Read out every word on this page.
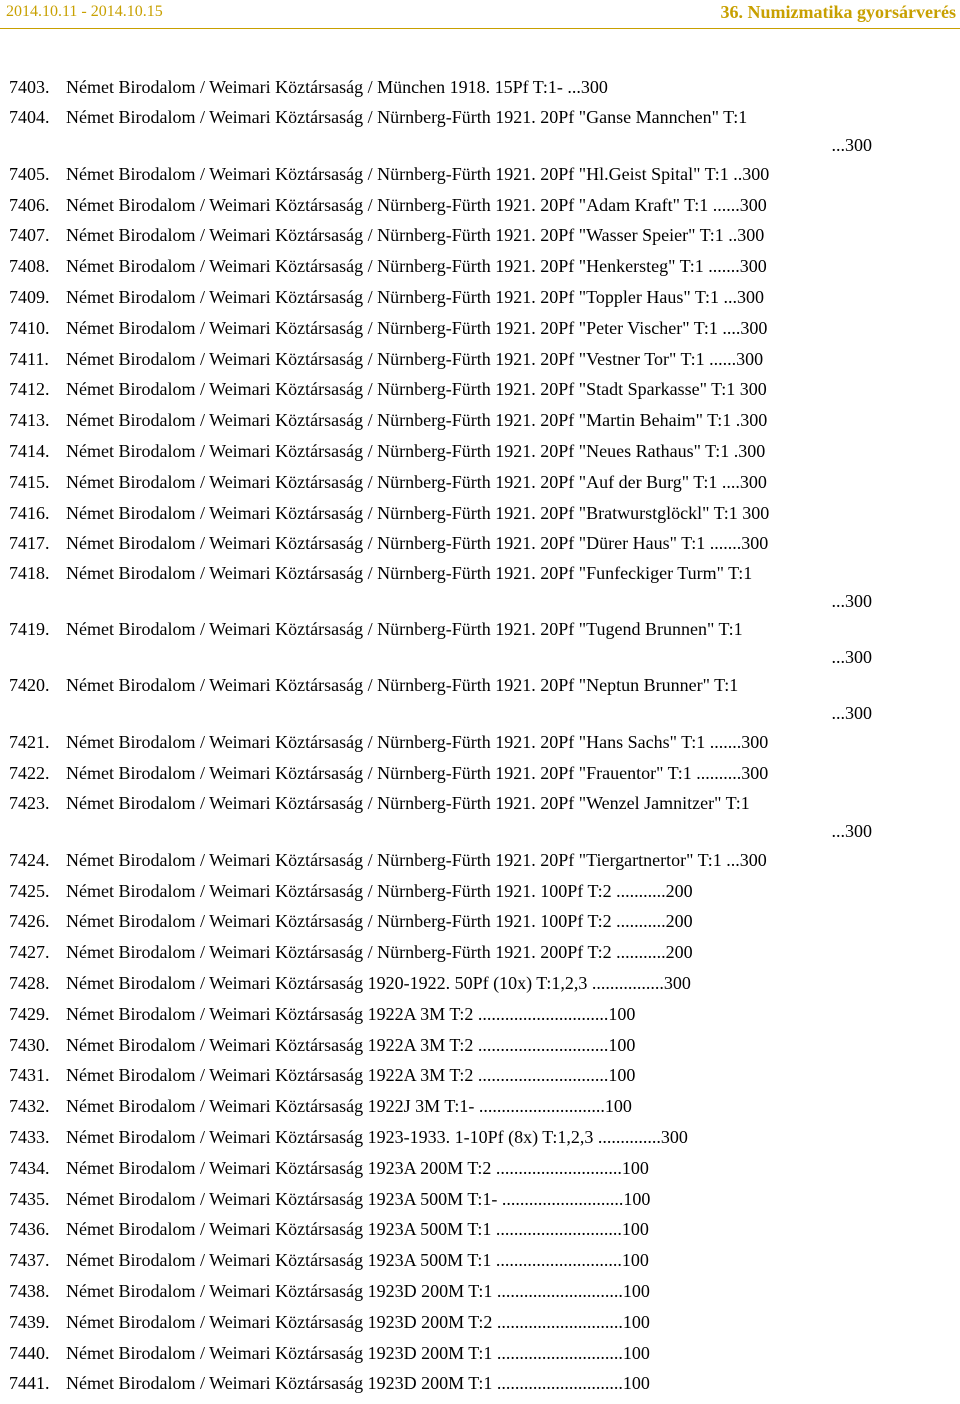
2014.10.11 - 2014.10.15	36. Numizmatika gyorsárverés
7403. Német Birodalom / Weimari Köztársaság / München 1918. 15Pf T:1- ...300
7404. Német Birodalom / Weimari Köztársaság / Nürnberg-Fürth 1921. 20Pf "Ganse Mannchen" T:1
...300
7405. Német Birodalom / Weimari Köztársaság / Nürnberg-Fürth 1921. 20Pf "Hl.Geist Spital" T:1 ..300
7406. Német Birodalom / Weimari Köztársaság / Nürnberg-Fürth 1921. 20Pf "Adam Kraft" T:1 ......300
7407. Német Birodalom / Weimari Köztársaság / Nürnberg-Fürth 1921. 20Pf "Wasser Speier" T:1 ..300
7408. Német Birodalom / Weimari Köztársaság / Nürnberg-Fürth 1921. 20Pf "Henkersteg" T:1 .......300
7409. Német Birodalom / Weimari Köztársaság / Nürnberg-Fürth 1921. 20Pf "Toppler Haus" T:1 ...300
7410. Német Birodalom / Weimari Köztársaság / Nürnberg-Fürth 1921. 20Pf "Peter Vischer" T:1 ....300
7411. Német Birodalom / Weimari Köztársaság / Nürnberg-Fürth 1921. 20Pf "Vestner Tor" T:1 ......300
7412. Német Birodalom / Weimari Köztársaság / Nürnberg-Fürth 1921. 20Pf "Stadt Sparkasse" T:1 300
7413. Német Birodalom / Weimari Köztársaság / Nürnberg-Fürth 1921. 20Pf "Martin Behaim" T:1 .300
7414. Német Birodalom / Weimari Köztársaság / Nürnberg-Fürth 1921. 20Pf "Neues Rathaus" T:1 .300
7415. Német Birodalom / Weimari Köztársaság / Nürnberg-Fürth 1921. 20Pf "Auf der Burg" T:1 ....300
7416. Német Birodalom / Weimari Köztársaság / Nürnberg-Fürth 1921. 20Pf "Bratwurstglöckl" T:1 300
7417. Német Birodalom / Weimari Köztársaság / Nürnberg-Fürth 1921. 20Pf "Dürer Haus" T:1 .......300
7418. Német Birodalom / Weimari Köztársaság / Nürnberg-Fürth 1921. 20Pf "Funfeckiger Turm" T:1
...300
7419. Német Birodalom / Weimari Köztársaság / Nürnberg-Fürth 1921. 20Pf "Tugend Brunnen" T:1
...300
7420. Német Birodalom / Weimari Köztársaság / Nürnberg-Fürth 1921. 20Pf "Neptun Brunner" T:1
...300
7421. Német Birodalom / Weimari Köztársaság / Nürnberg-Fürth 1921. 20Pf "Hans Sachs" T:1 .......300
7422. Német Birodalom / Weimari Köztársaság / Nürnberg-Fürth 1921. 20Pf "Frauentor" T:1 ..........300
7423. Német Birodalom / Weimari Köztársaság / Nürnberg-Fürth 1921. 20Pf "Wenzel Jamnitzer" T:1
...300
7424. Német Birodalom / Weimari Köztársaság / Nürnberg-Fürth 1921. 20Pf "Tiergartnertor" T:1 ...300
7425. Német Birodalom / Weimari Köztársaság / Nürnberg-Fürth 1921. 100Pf T:2 ...........200
7426. Német Birodalom / Weimari Köztársaság / Nürnberg-Fürth 1921. 100Pf T:2 ...........200
7427. Német Birodalom / Weimari Köztársaság / Nürnberg-Fürth 1921. 200Pf T:2 ...........200
7428. Német Birodalom / Weimari Köztársaság 1920-1922. 50Pf (10x) T:1,2,3 ................300
7429. Német Birodalom / Weimari Köztársaság 1922A 3M T:2 .............................100
7430. Német Birodalom / Weimari Köztársaság 1922A 3M T:2 .............................100
7431. Német Birodalom / Weimari Köztársaság 1922A 3M T:2 .............................100
7432. Német Birodalom / Weimari Köztársaság 1922J 3M T:1- ............................100
7433. Német Birodalom / Weimari Köztársaság 1923-1933. 1-10Pf (8x) T:1,2,3 ..............300
7434. Német Birodalom / Weimari Köztársaság 1923A 200M T:2 ............................100
7435. Német Birodalom / Weimari Köztársaság 1923A 500M T:1- ...........................100
7436. Német Birodalom / Weimari Köztársaság 1923A 500M T:1 ............................100
7437. Német Birodalom / Weimari Köztársaság 1923A 500M T:1 ............................100
7438. Német Birodalom / Weimari Köztársaság 1923D 200M T:1 ............................100
7439. Német Birodalom / Weimari Köztársaság 1923D 200M T:2 ............................100
7440. Német Birodalom / Weimari Köztársaság 1923D 200M T:1 ............................100
7441. Német Birodalom / Weimari Köztársaság 1923D 200M T:1 ............................100
